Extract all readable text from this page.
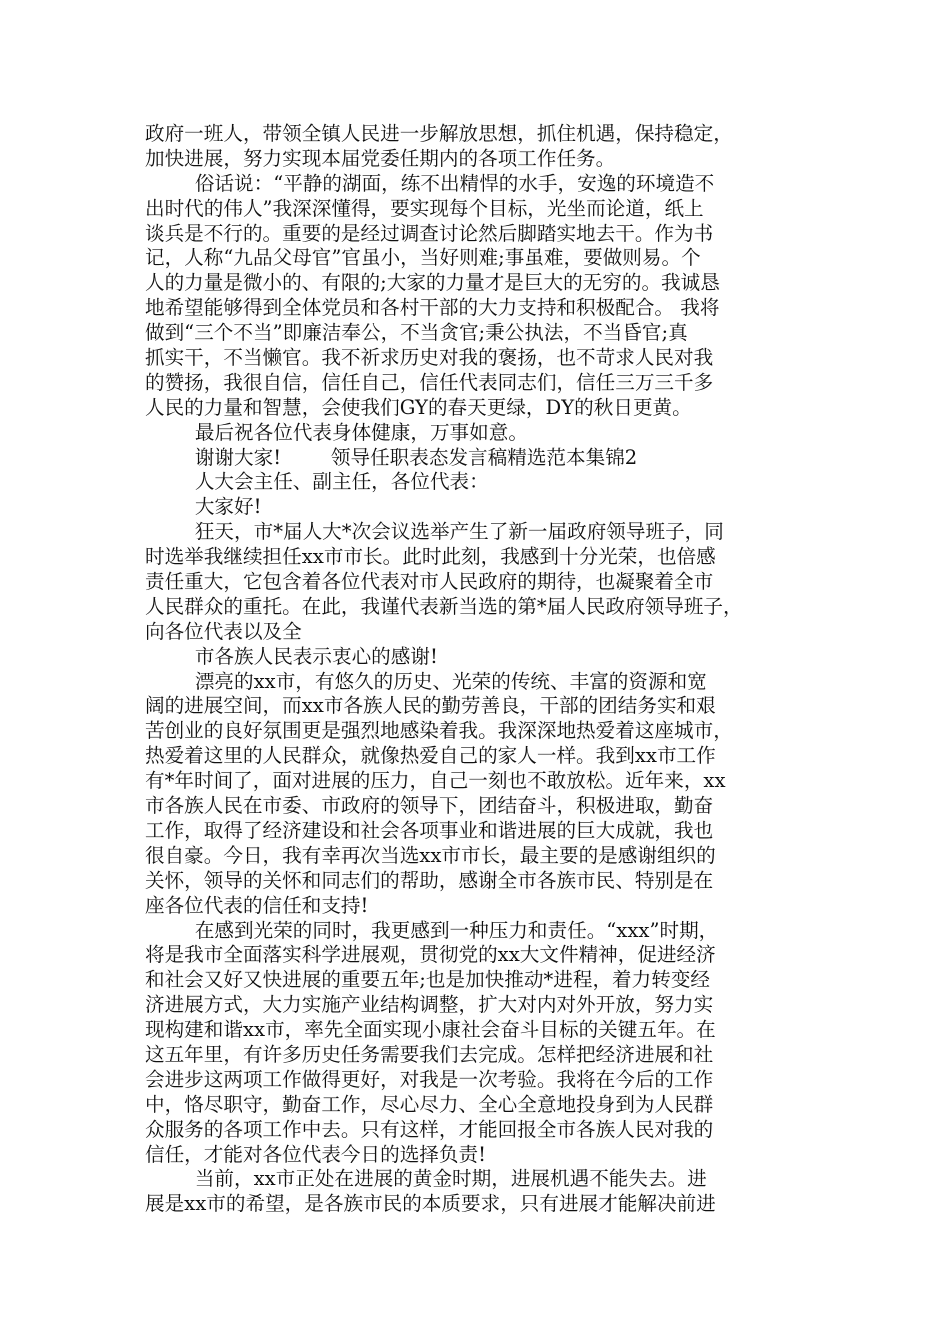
政府一班人，带领全镇人民进一步解放思想，抓住机遇，保持稳定，
加快进展，努力实现本届党委任期内的各项工作任务。
俗话说：“平静的湖面，练不出精悍的水手，安逸的环境造不
出时代的伟人”我深深懂得，要实现每个目标，光坐而论道，纸上
谈兵是不行的。重要的是经过调查讨论然后脚踏实地去干。作为书
记，人称“九品父母官”官虽小，当好则难;事虽难，要做则易。个
人的力量是微小的、有限的;大家的力量才是巨大的无穷的。我诚恳
地希望能够得到全体党员和各村干部的大力支持和积极配合。 我将
做到“三个不当”即廉洁奉公，不当贪官;秉公执法，不当昏官;真
抓实干，不当懒官。我不祈求历史对我的褒扬，也不苛求人民对我
的赞扬，我很自信，信任自己，信任代表同志们，信任三万三千多
人民的力量和智慧，会使我们GY的春天更绿，DY的秋日更黄。
最后祝各位代表身体健康，万事如意。
谢谢大家!        领导任职表态发言稿精选范本集锦2
人大会主任、副主任，各位代表：
大家好!
狂天，市*届人大*次会议选举产生了新一届政府领导班子，同
时选举我继续担任xx市市长。此时此刻，我感到十分光荣，也倍感
责任重大，它包含着各位代表对市人民政府的期待，也凝聚着全市
人民群众的重托。在此，我谨代表新当选的第*届人民政府领导班子，
向各位代表以及全
市各族人民表示衷心的感谢!
漂亮的xx市，有悠久的历史、光荣的传统、丰富的资源和宽
阔的进展空间，而xx市各族人民的勤劳善良，干部的团结务实和艰
苦创业的良好氛围更是强烈地感染着我。我深深地热爱着这座城市，
热爱着这里的人民群众，就像热爱自己的家人一样。我到xx市工作
有*年时间了，面对进展的压力，自己一刻也不敢放松。近年来，xx
市各族人民在市委、市政府的领导下，团结奋斗，积极进取，勤奋
工作，取得了经济建设和社会各项事业和谐进展的巨大成就，我也
很自豪。今日，我有幸再次当选xx市市长，最主要的是感谢组织的
关怀，领导的关怀和同志们的帮助，感谢全市各族市民、特别是在
座各位代表的信任和支持!
在感到光荣的同时，我更感到一种压力和责任。“xxx”时期，
将是我市全面落实科学进展观，贯彻党的xx大文件精神，促进经济
和社会又好又快进展的重要五年;也是加快推动*进程，着力转变经
济进展方式，大力实施产业结构调整，扩大对内对外开放，努力实
现构建和谐xx市，率先全面实现小康社会奋斗目标的关键五年。在
这五年里，有许多历史任务需要我们去完成。怎样把经济进展和社
会进步这两项工作做得更好，对我是一次考验。我将在今后的工作
中，恪尽职守，勤奋工作，尽心尽力、全心全意地投身到为人民群
众服务的各项工作中去。只有这样，才能回报全市各族人民对我的
信任，才能对各位代表今日的选择负责!
当前，xx市正处在进展的黄金时期，进展机遇不能失去。进
展是xx市的希望，是各族市民的本质要求，只有进展才能解决前进
